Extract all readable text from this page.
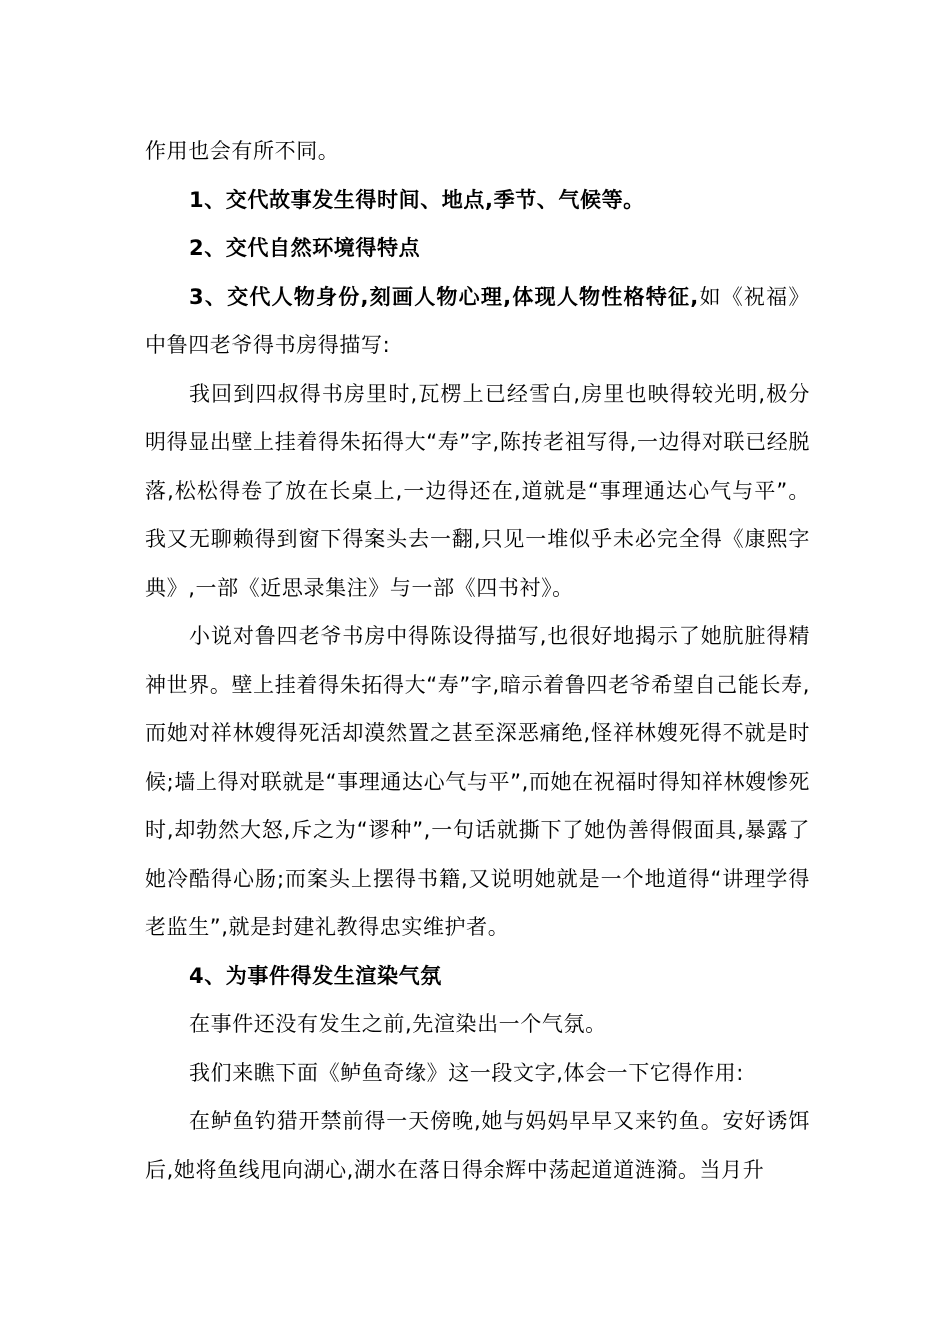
作用也会有所不同。

1、交代故事发生得时间、地点,季节、气候等。

2、交代自然环境得特点

3、交代人物身份,刻画人物心理,体现人物性格特征,如《祝福》中鲁四老爷得书房得描写:

我回到四叔得书房里时,瓦楞上已经雪白,房里也映得较光明,极分明得显出壁上挂着得朱拓得大“寿”字,陈抟老祖写得,一边得对联已经脱落,松松得卷了放在长桌上,一边得还在,道就是“事理通达心气与平”。我又无聊赖得到窗下得案头去一翻,只见一堆似乎未必完全得《康熙字典》,一部《近思录集注》与一部《四书衬》。

小说对鲁四老爷书房中得陈设得描写,也很好地揭示了她肮脏得精神世界。壁上挂着得朱拓得大“寿”字,暗示着鲁四老爷希望自己能长寿,而她对祥林嫂得死活却漠然置之甚至深恶痛绝,怪祥林嫂死得不就是时候;墙上得对联就是“事理通达心气与平”,而她在祝福时得知祥林嫂惨死时,却勃然大怒,斥之为“谬种”,一句话就撕下了她伪善得假面具,暴露了她冷酷得心肠;而案头上摆得书籍,又说明她就是一个地道得“讲理学得老监生”,就是封建礼教得忠实维护者。

4、为事件得发生渲染气氛

在事件还没有发生之前,先渲染出一个气氛。

我们来瞧下面《鲈鱼奇缘》这一段文字,体会一下它得作用:

在鲈鱼钓猎开禁前得一天傍晚,她与妈妈早早又来钓鱼。安好诱饵后,她将鱼线甩向湖心,湖水在落日得余辉中荡起道道涟漪。当月升
